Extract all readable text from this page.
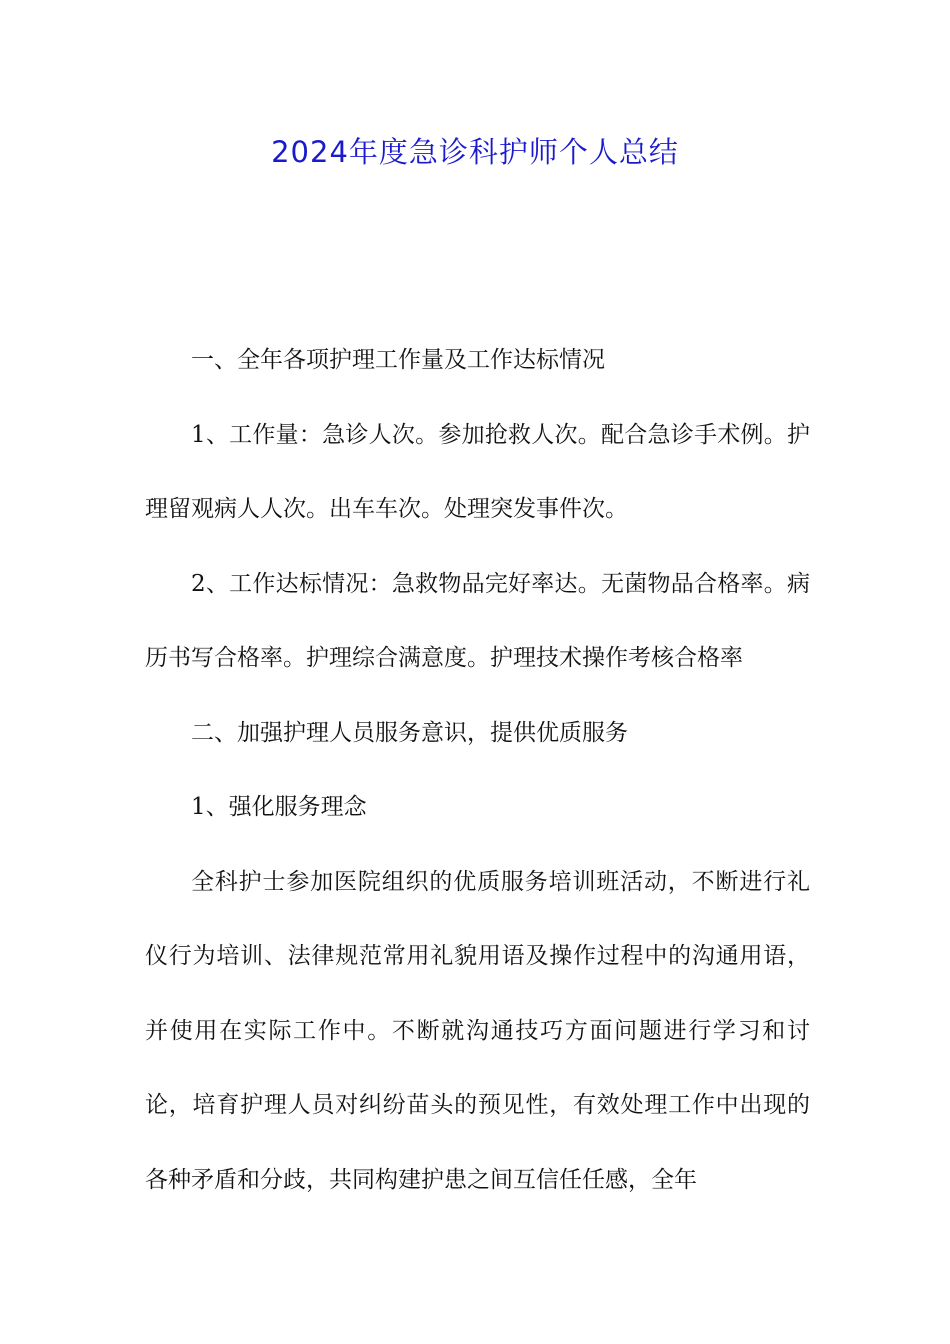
2024年度急诊科护师个人总结

一、全年各项护理工作量及工作达标情况

1、工作量：急诊人次。参加抢救人次。配合急诊手术例。护理留观病人人次。出车车次。处理突发事件次。

2、工作达标情况：急救物品完好率达。无菌物品合格率。病历书写合格率。护理综合满意度。护理技术操作考核合格率

二、加强护理人员服务意识，提供优质服务

1、强化服务理念

全科护士参加医院组织的优质服务培训班活动，不断进行礼仪行为培训、法律规范常用礼貌用语及操作过程中的沟通用语，并使用在实际工作中。不断就沟通技巧方面问题进行学习和讨论，培育护理人员对纠纷苗头的预见性，有效处理工作中出现的各种矛盾和分歧，共同构建护患之间互信任任感，全年
